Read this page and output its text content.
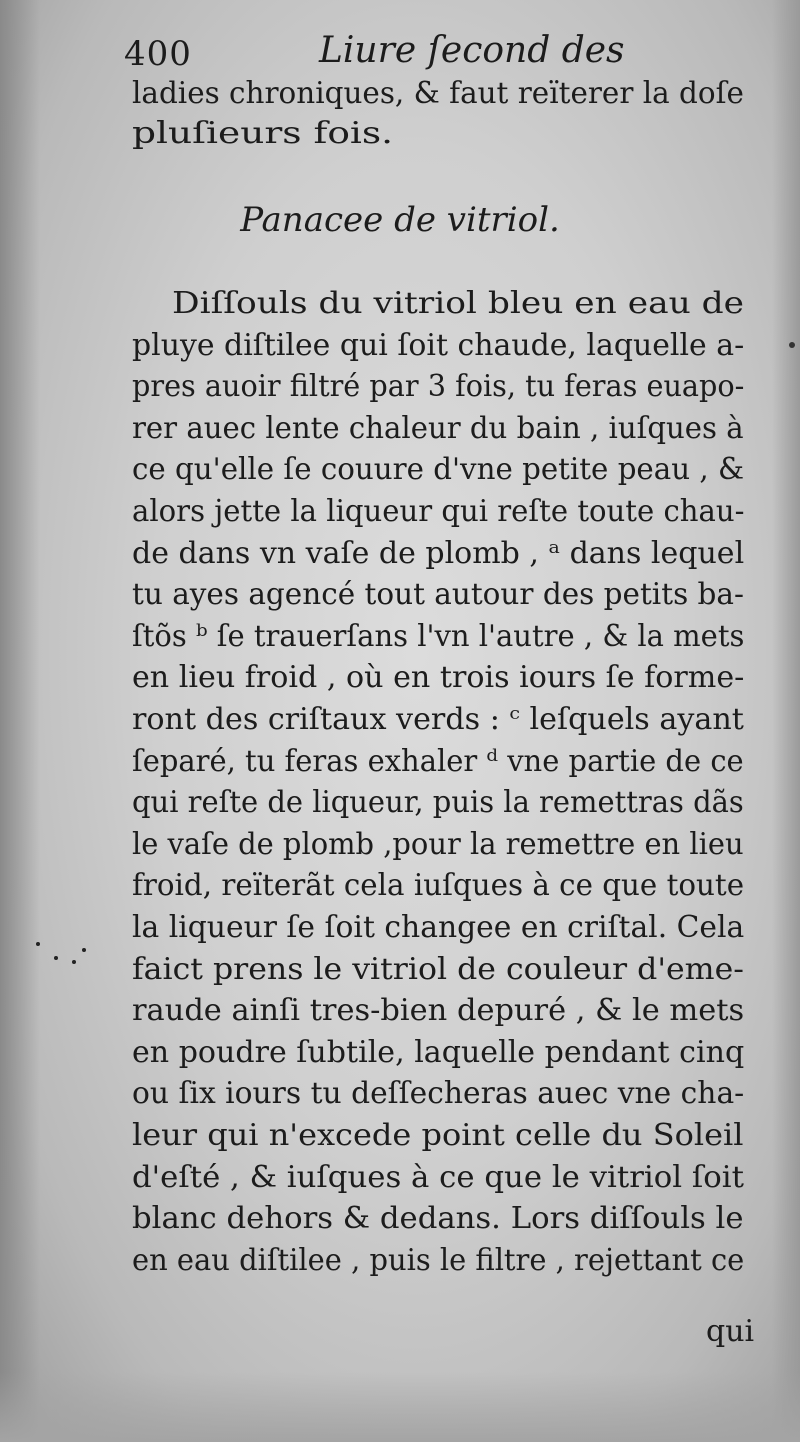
400	Liure ſecond des
ladies chroniques, & faut reïterer la doſe
pluſieurs fois.
Panacee de vitriol.
Diſſouls du vitriol bleu en eau de
pluye diſtilee qui ſoit chaude, laquelle a-
pres auoir filtré par 3 fois, tu feras euapo-
rer auec lente chaleur du bain , iuſques à
ce qu'elle ſe couure d'vne petite peau , &
alors jette la liqueur qui reſte toute chau-
de dans vn vaſe de plomb , ᵃ dans lequel
tu ayes agencé tout autour des petits ba-
ſtõs ᵇ ſe trauerſans l'vn l'autre , & la mets
en lieu froid , où en trois iours ſe forme-
ront des criſtaux verds : ᶜ leſquels ayant
ſeparé, tu feras exhaler ᵈ vne partie de ce
qui reſte de liqueur, puis la remettras dãs
le vaſe de plomb ,pour la remettre en lieu
froid, reïterãt cela iuſques à ce que toute
la liqueur ſe ſoit changee en criſtal. Cela
faict prens le vitriol de couleur d'eme-
raude ainſi tres-bien depuré , & le mets
en poudre ſubtile, laquelle pendant cinq
ou ſix iours tu deſſecheras auec vne cha-
leur qui n'excede point celle du Soleil
d'eſté , & iuſques à ce que le vitriol ſoit
blanc dehors & dedans. Lors diſſouls le
en eau diſtilee , puis le filtre , rejettant ce
qui
